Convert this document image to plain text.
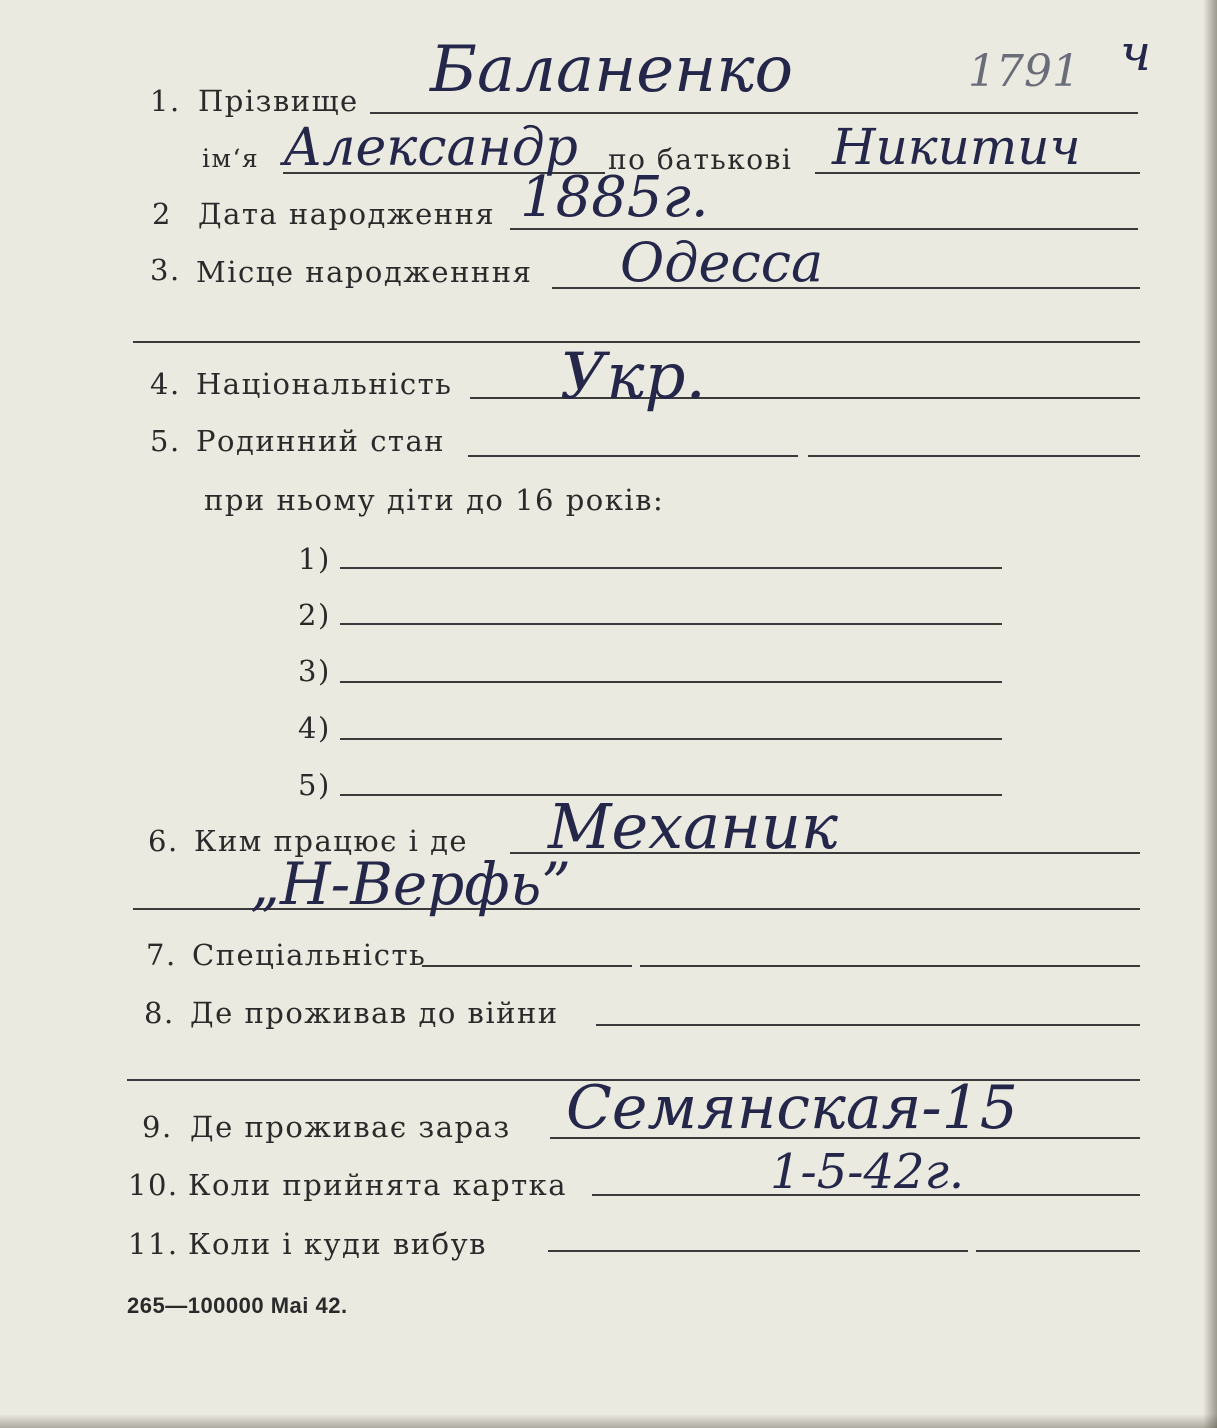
1. Прізвище Баланенко	1791 ч
ім‘я Александр по батькові Никитич
2 Дата народження 1885г.
3. Місце народженння Одесса
4. Національність Укр.
5. Родинний стан
при ньому діти до 16 років:
1)
2)
3)
4)
5)
6. Ким працює і де Механик
„Н-Верфь”
7. Спеціальність
8. Де проживав до війни
9. Де проживає зараз Семянская-15
10. Коли прийнята картка	1-5-42г.
11. Коли і куди вибув
265—100000 Mai 42.
